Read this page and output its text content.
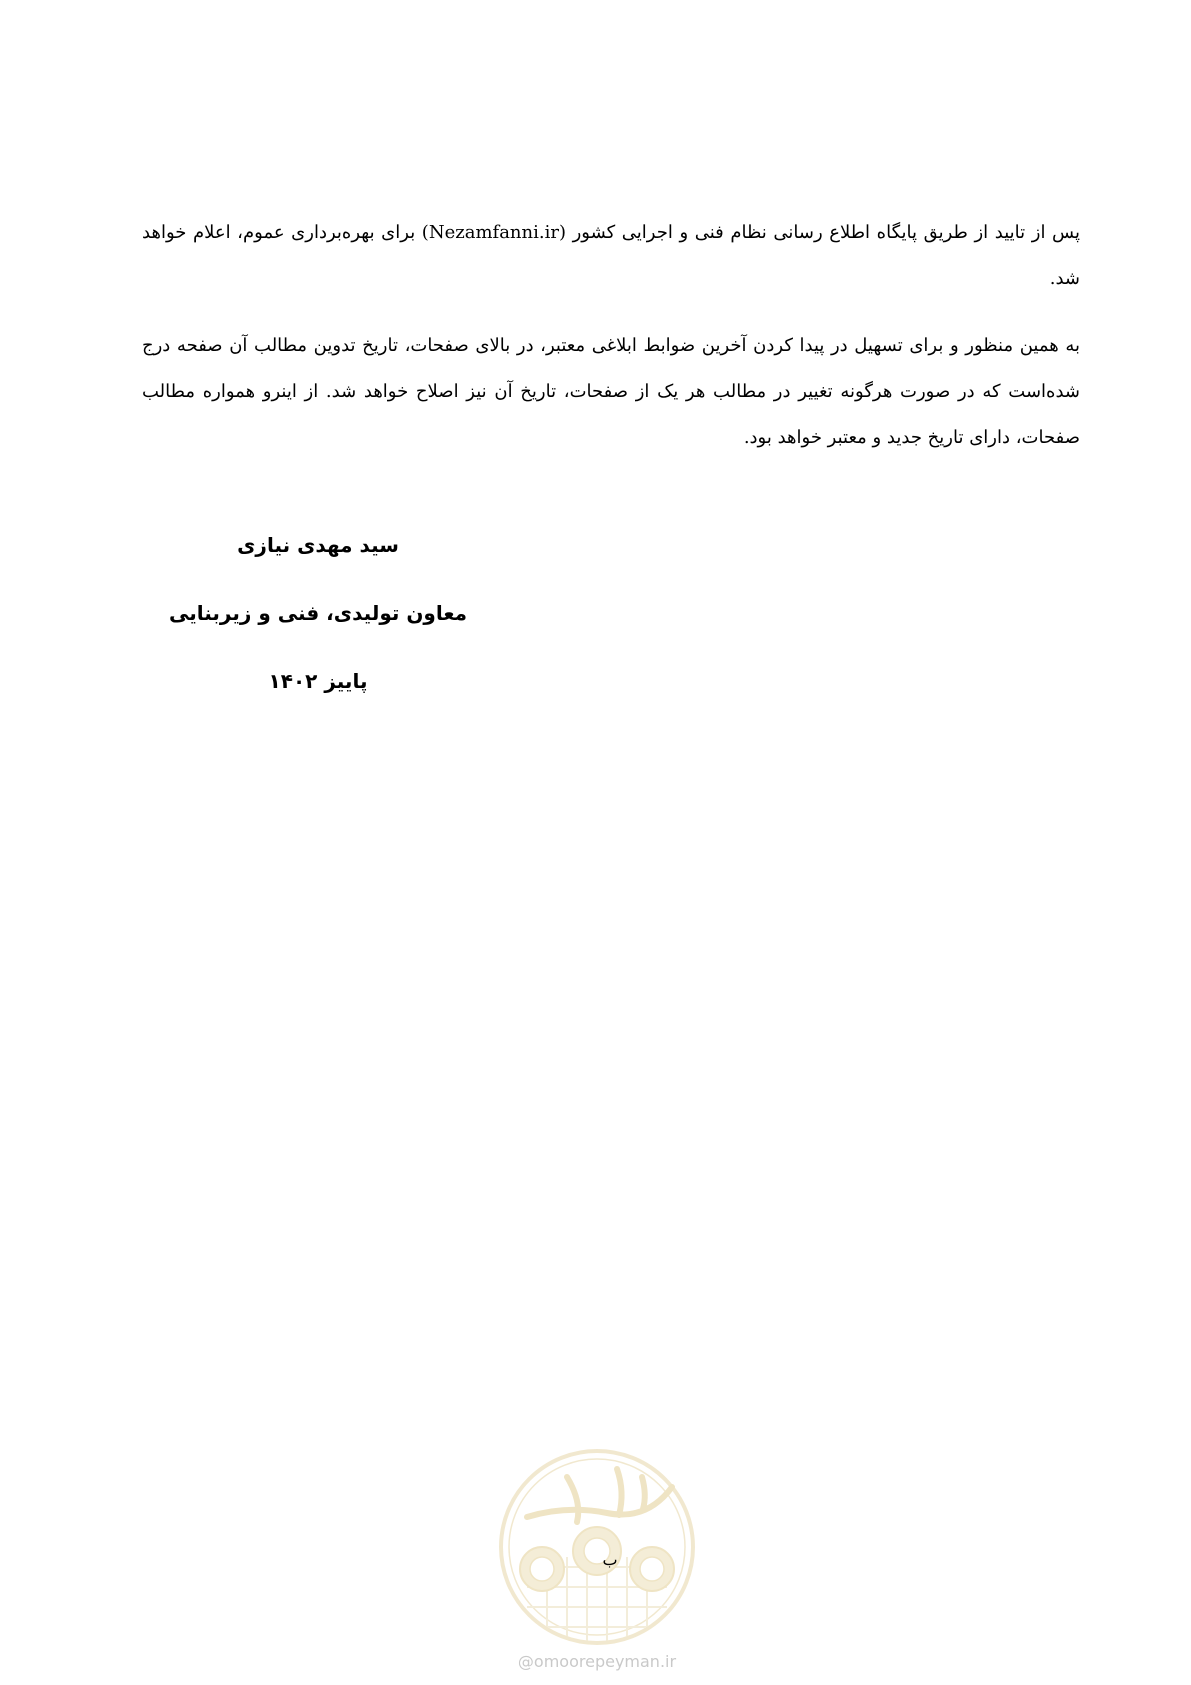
پس از تایید از طریق پایگاه اطلاع رسانی نظام فنی و اجرایی کشور (Nezamfanni.ir) برای بهره‌برداری عموم، اعلام خواهد شد.

به همین منظور و برای تسهیل در پیدا کردن آخرین ضوابط ابلاغی معتبر، در بالای صفحات، تاریخ تدوین مطالب آن صفحه درج شده‌است که در صورت هرگونه تغییر در مطالب هر یک از صفحات، تاریخ آن نیز اصلاح خواهد شد. از اینرو همواره مطالب صفحات، دارای تاریخ جدید و معتبر خواهد بود.

سید مهدی نیازی

معاون تولیدی، فنی و زیربنایی

پاییز ۱۴۰۲

ب
@omoorepeyman.ir
